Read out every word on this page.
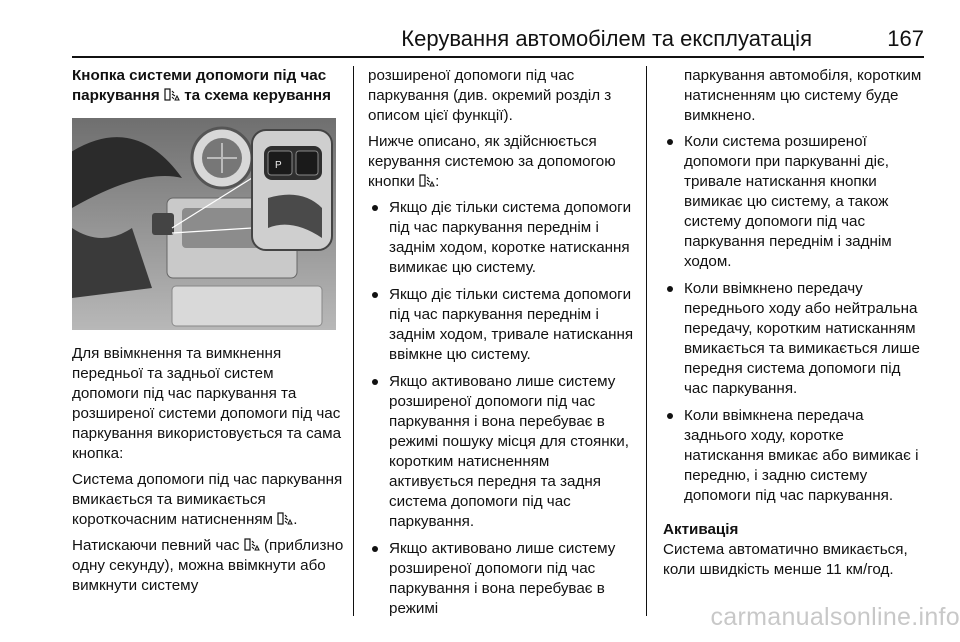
Керування автомобілем та експлуатація	167
Кнопка системи допомоги під час
паркування та схема керування
P

Для ввімкнення та вимкнення передньої та задньої систем допомоги під час паркування та розширеної системи допомоги під час паркування використовується та сама кнопка:

Система допомоги під час паркування вмикається та вимикається короткочасним натисненням .

Натискаючи певний час (приблизно одну секунду), можна ввімкнути або вимкнути систему

розширеної допомоги під час паркування (див. окремий розділ з описом цієї функції).

Нижче описано, як здійснюється керування системою за допомогою кнопки :

Якщо діє тільки система допомоги під час паркування переднім і заднім ходом, коротке натискання вимикає цю систему.
Якщо діє тільки система допомоги під час паркування переднім і заднім ходом, тривале натискання ввімкне цю систему.
Якщо активовано лише систему розширеної допомоги під час паркування і вона перебуває в режимі пошуку місця для стоянки, коротким натисненням активується передня та задня система допомоги під час паркування.
Якщо активовано лише систему розширеної допомоги під час паркування і вона перебуває в режимі

паркування автомобіля, коротким натисненням цю систему буде вимкнено.

Коли система розширеної допомоги при паркуванні діє, тривале натискання кнопки вимикає цю систему, а також систему допомоги під час паркування переднім і заднім ходом.
Коли ввімкнено передачу переднього ходу або нейтральна передачу, коротким натисканням вмикається та вимикається лише передня система допомоги під час паркування.
Коли ввімкнена передача заднього ходу, коротке натискання вмикає або вимикає і передню, і задню систему допомоги під час паркування.
Активація

Система автоматично вмикається, коли швидкість менше 11 км/год.

carmanualsonline.info
